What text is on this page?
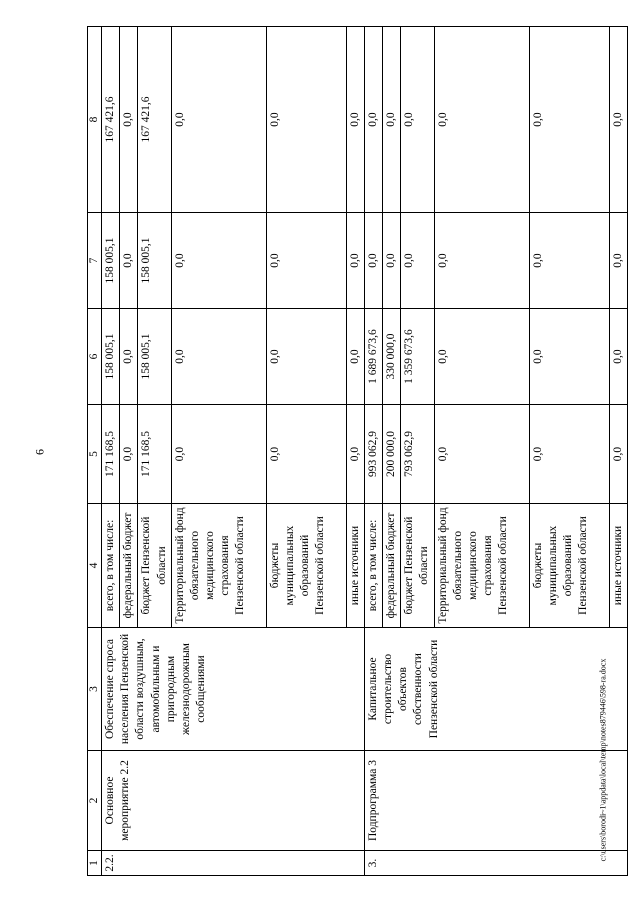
6
c:\users\borodi~1\appdata\local\temp\notes879446\598-ra.docx
1	2	3	4	5	6	7	8
2.2.	Основное мероприятие 2.2	Обеспечение спроса населения Пензенской области воздушным, автомобильным и пригородным железнодорожным сообщениями	всего, в том числе:	171 168,5	158 005,1	158 005,1	167 421,6
			федеральный бюджет	0,0	0,0	0,0	0,0
			бюджет Пензенской области	171 168,5	158 005,1	158 005,1	167 421,6
			Территориальный фонд обязательного медицинского страхования Пензенской области	0,0	0,0	0,0	0,0
			бюджеты муниципальных образований Пензенской области	0,0	0,0	0,0	0,0
			иные источники	0,0	0,0	0,0	0,0
3.	Подпрограмма 3	Капитальное строительство объектов собственности Пензенской области	всего, в том числе:	993 062,9	1 689 673,6	0,0	0,0
			федеральный бюджет	200 000,0	330 000,0	0,0	0,0
			бюджет Пензенской области	793 062,9	1 359 673,6	0,0	0,0
			Территориальный фонд обязательного медицинского страхования Пензенской области	0,0	0,0	0,0	0,0
			бюджеты муниципальных образований Пензенской области	0,0	0,0	0,0	0,0
			иные источники	0,0	0,0	0,0	0,0
